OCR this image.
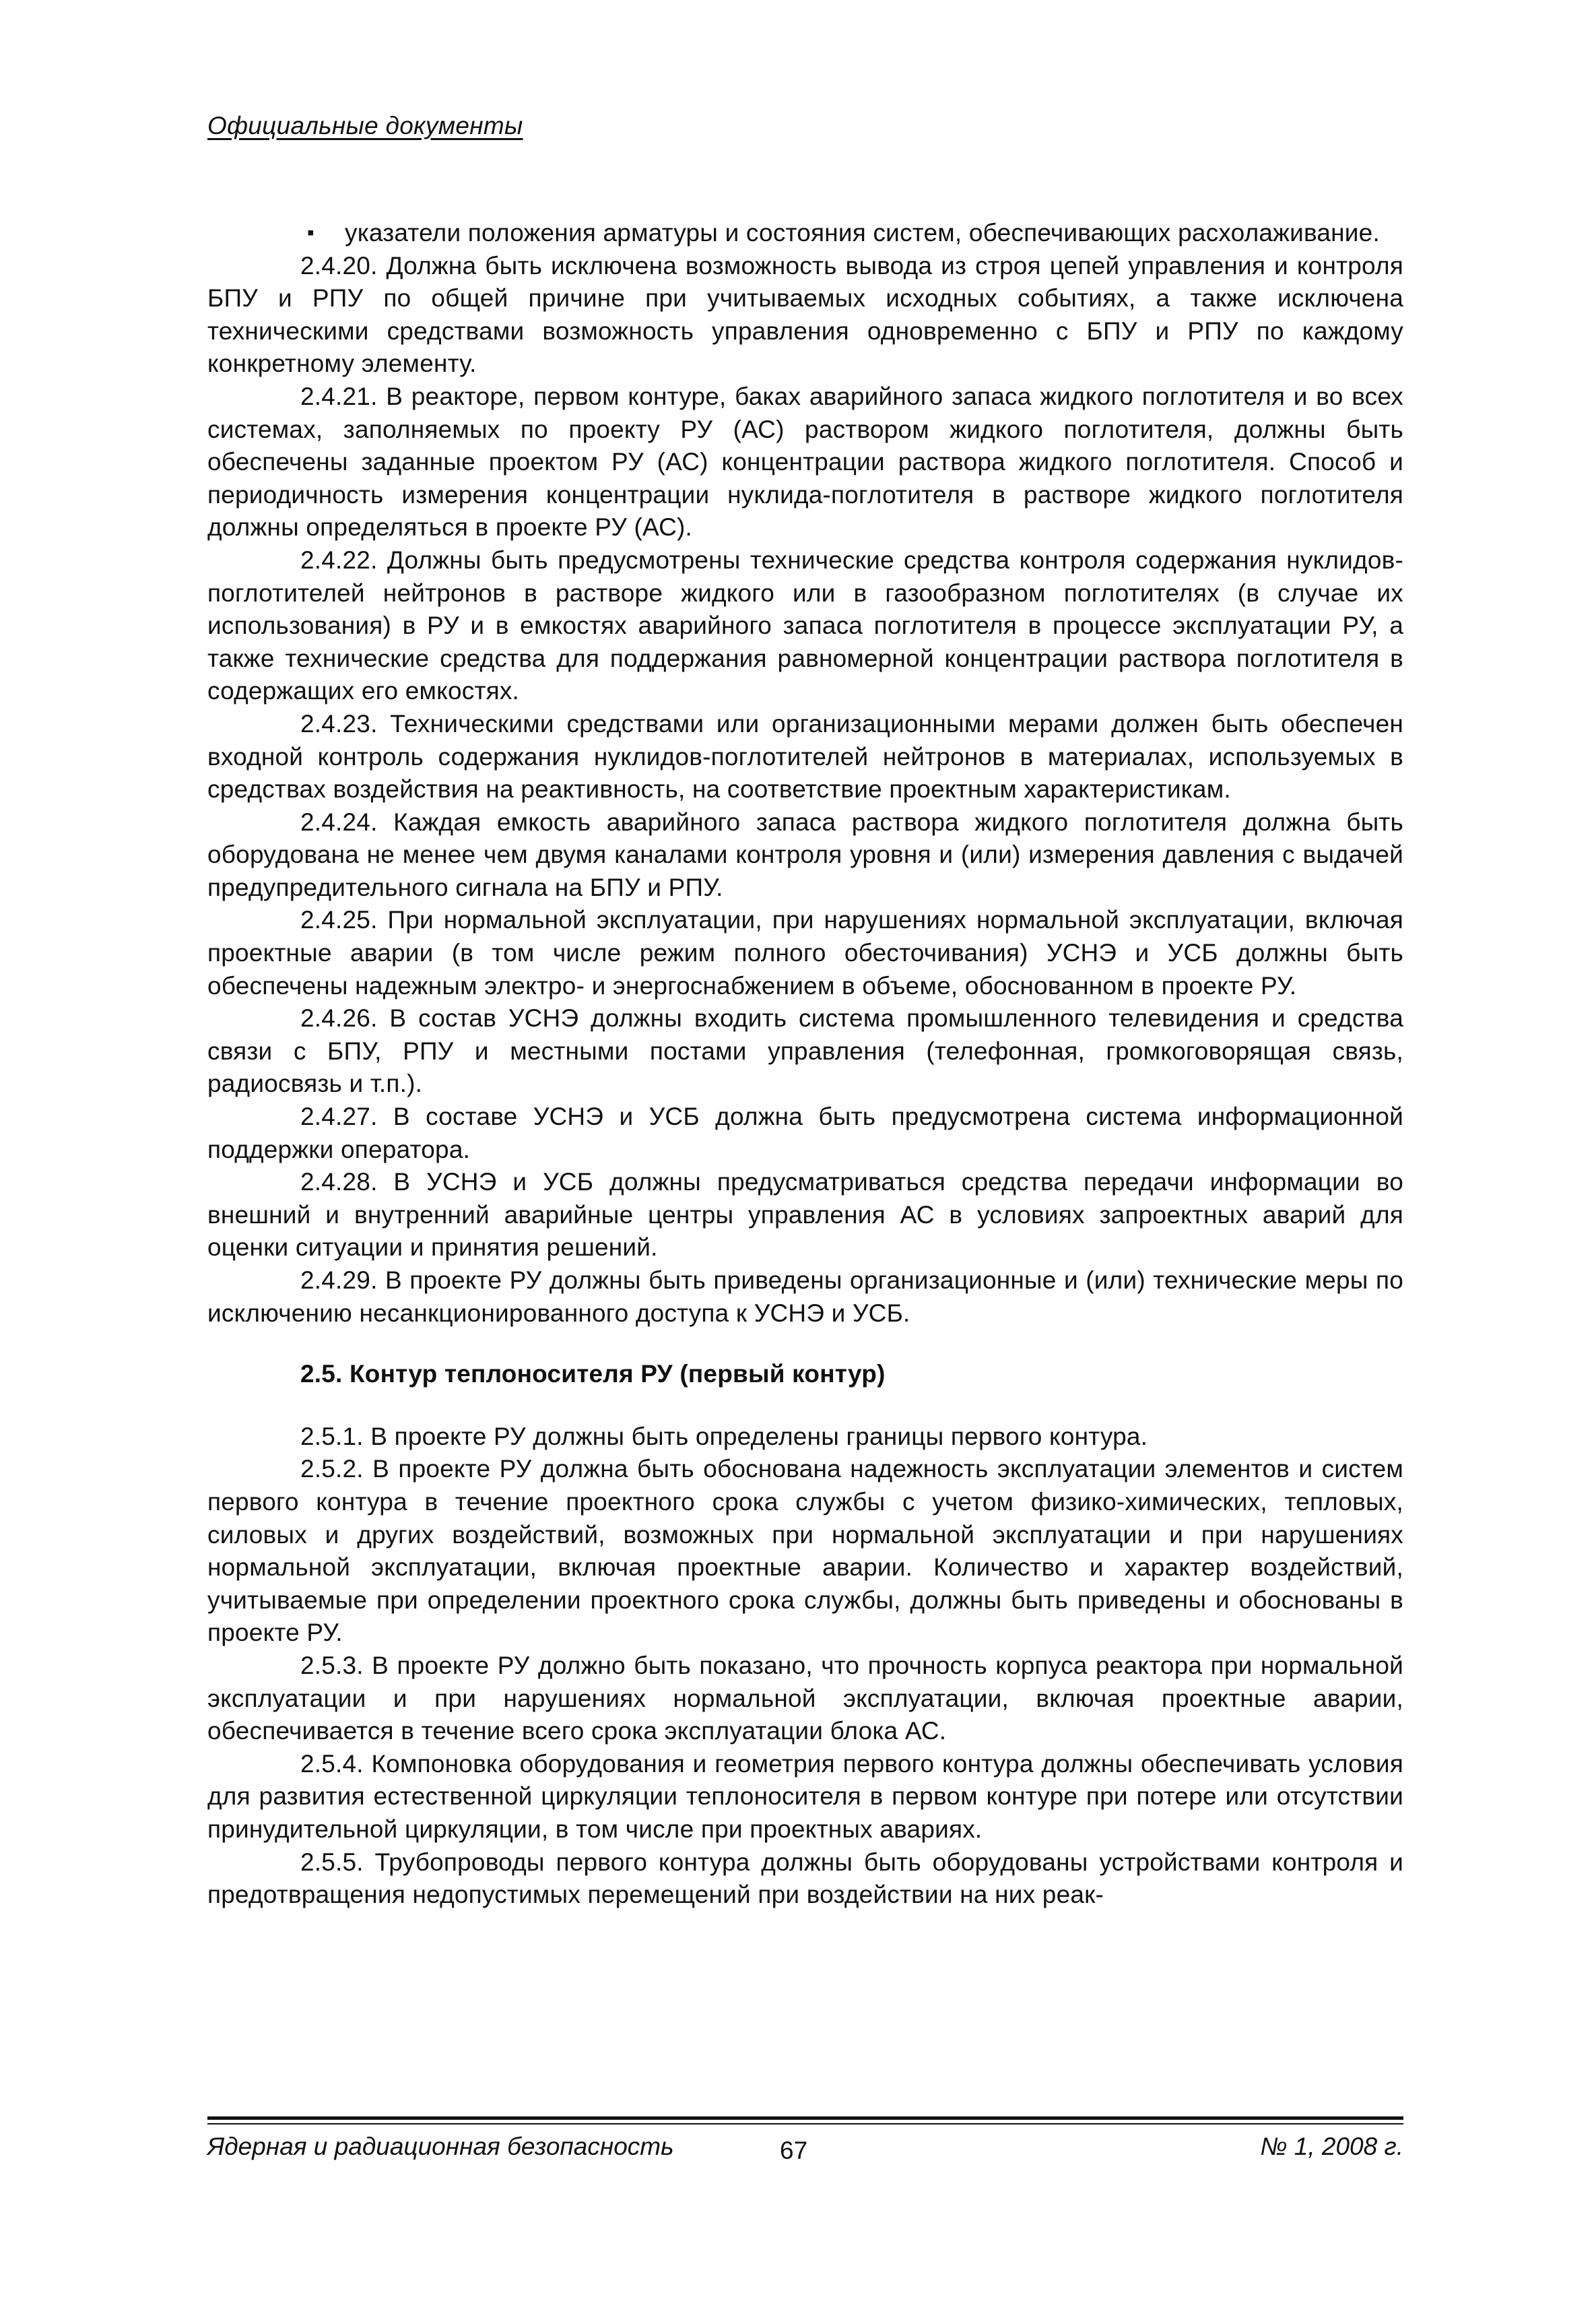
Официальные документы
▪	указатели положения арматуры и состояния систем, обеспечивающих расхолаживание.

2.4.20. Должна быть исключена возможность вывода из строя цепей управления и контроля БПУ и РПУ по общей причине при учитываемых исходных событиях, а также исключена техническими средствами возможность управления одновременно с БПУ и РПУ по каждому конкретному элементу.

2.4.21. В реакторе, первом контуре, баках аварийного запаса жидкого поглотителя и во всех системах, заполняемых по проекту РУ (АС) раствором жидкого поглотителя, должны быть обеспечены заданные проектом РУ (АС) концентрации раствора жидкого поглотителя. Способ и периодичность измерения концентрации нуклида-поглотителя в растворе жидкого поглотителя должны определяться в проекте РУ (АС).

2.4.22. Должны быть предусмотрены технические средства контроля содержания нуклидов-поглотителей нейтронов в растворе жидкого или в газообразном поглотителях (в случае их использования) в РУ и в емкостях аварийного запаса поглотителя в процессе эксплуатации РУ, а также технические средства для поддержания равномерной концентрации раствора поглотителя в содержащих его емкостях.

2.4.23. Техническими средствами или организационными мерами должен быть обеспечен входной контроль содержания нуклидов-поглотителей нейтронов в материалах, используемых в средствах воздействия на реактивность, на соответствие проектным характеристикам.

2.4.24. Каждая емкость аварийного запаса раствора жидкого поглотителя должна быть оборудована не менее чем двумя каналами контроля уровня и (или) измерения давления с выдачей предупредительного сигнала на БПУ и РПУ.

2.4.25. При нормальной эксплуатации, при нарушениях нормальной эксплуатации, включая проектные аварии (в том числе режим полного обесточивания) УСНЭ и УСБ должны быть обеспечены надежным электро- и энергоснабжением в объеме, обоснованном в проекте РУ.

2.4.26. В состав УСНЭ должны входить система промышленного телевидения и средства связи с БПУ, РПУ и местными постами управления (телефонная, громкоговорящая связь, радиосвязь и т.п.).

2.4.27. В составе УСНЭ и УСБ должна быть предусмотрена система информационной поддержки оператора.

2.4.28. В УСНЭ и УСБ должны предусматриваться средства передачи информации во внешний и внутренний аварийные центры управления АС в условиях запроектных аварий для оценки ситуации и принятия решений.

2.4.29. В проекте РУ должны быть приведены организационные и (или) технические меры по исключению несанкционированного доступа к УСНЭ и УСБ.

2.5. Контур теплоносителя РУ (первый контур)

2.5.1. В проекте РУ должны быть определены границы первого контура.

2.5.2. В проекте РУ должна быть обоснована надежность эксплуатации элементов и систем первого контура в течение проектного срока службы с учетом физико-химических, тепловых, силовых и других воздействий, возможных при нормальной эксплуатации и при нарушениях нормальной эксплуатации, включая проектные аварии. Количество и характер воздействий, учитываемые при определении проектного срока службы, должны быть приведены и обоснованы в проекте РУ.

2.5.3. В проекте РУ должно быть показано, что прочность корпуса реактора при нормальной эксплуатации и при нарушениях нормальной эксплуатации, включая проектные аварии, обеспечивается в течение всего срока эксплуатации блока АС.

2.5.4. Компоновка оборудования и геометрия первого контура должны обеспечивать условия для развития естественной циркуляции теплоносителя в первом контуре при потере или отсутствии принудительной циркуляции, в том числе при проектных авариях.

2.5.5. Трубопроводы первого контура должны быть оборудованы устройствами контроля и предотвращения недопустимых перемещений при воздействии на них реак-

Ядерная и радиационная безопасность	67	№ 1, 2008 г.
